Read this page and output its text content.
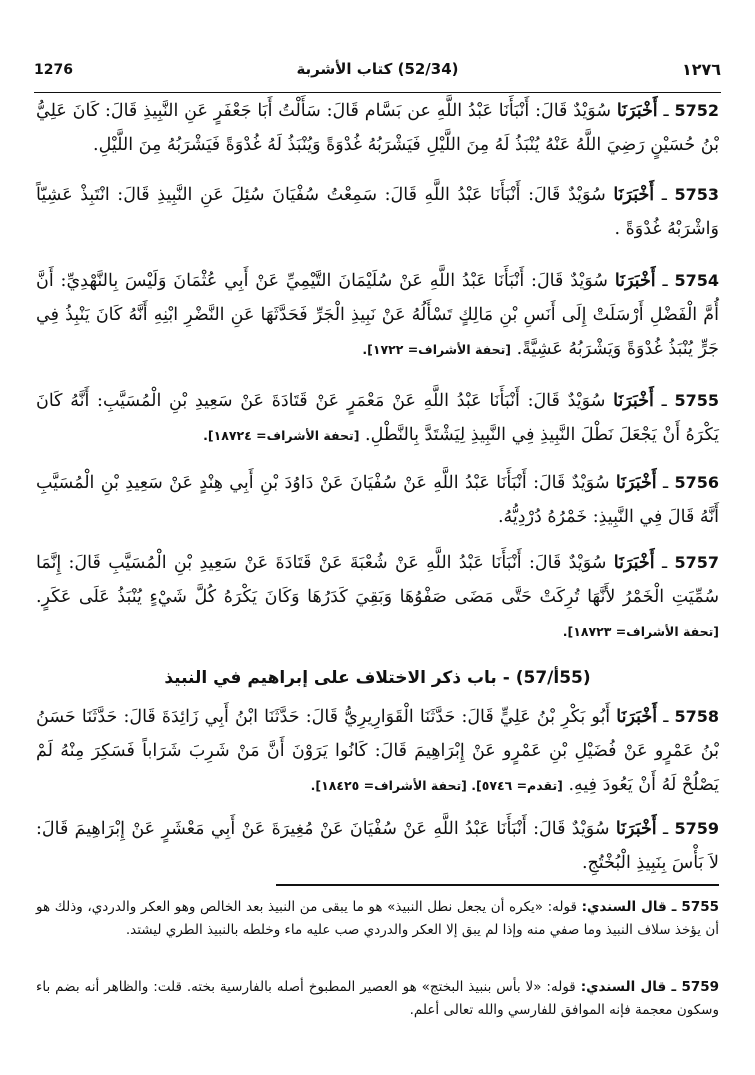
1276	(52/34) كتاب الأشربة	١٢٧٦

5752 ـ أَخْبَرَنَا سُوَيْدٌ قَالَ: أَنْبَأَنَا عَبْدُ اللَّهِ عن بَسَّام قَالَ: سَأَلْتُ أَبَا جَعْفَرٍ عَنِ النَّبِيذِ قَالَ: كَانَ عَلِيُّ بْنُ حُسَيْنٍ رَضِيَ اللَّهُ عَنْهُ يُنْبَذُ لَهُ مِنَ اللَّيْلِ فَيَشْرَبُهُ غُدْوَةً وَيُنْبَذُ لَهُ غُدْوَةً فَيَشْرَبُهُ مِنَ اللَّيْلِ.

5753 ـ أَخْبَرَنَا سُوَيْدٌ قَالَ: أَنْبَأَنَا عَبْدُ اللَّهِ قَالَ: سَمِعْتُ سُفْيَانَ سُئِلَ عَنِ النَّبِيذِ قَالَ: انْتَبِذْ عَشِيّاً وَاشْرَبْهُ غُدْوَةً .

5754 ـ أَخْبَرَنَا سُوَيْدٌ قَالَ: أَنْبَأَنَا عَبْدُ اللَّهِ عَنْ سُلَيْمَانَ التَّيْمِيِّ عَنْ أَبِي عُثْمَانَ وَلَيْسَ بِالنَّهْدِيِّ: أَنَّ أُمَّ الْفَضْلِ أَرْسَلَتْ إِلَى أَنَسِ بْنِ مَالِكٍ تَسْأَلُهُ عَنْ نَبِيذِ الْجَرِّ فَحَدَّثَهَا عَنِ النَّضْرِ ابْنِهِ أَنَّهُ كَانَ يَنْبِذُ فِي جَرٍّ يُنْبَذُ غُدْوَةً وَيَشْرَبُهُ عَشِيَّةً. [تحفة الأشراف= ١٧٢٢].

5755 ـ أَخْبَرَنَا سُوَيْدٌ قَالَ: أَنْبَأَنَا عَبْدُ اللَّهِ عَنْ مَعْمَرٍ عَنْ قَتَادَةَ عَنْ سَعِيدِ بْنِ الْمُسَيَّبِ: أَنَّهُ كَانَ يَكْرَهُ أَنْ يَجْعَلَ نَطْلَ النَّبِيذِ فِي النَّبِيذِ لِيَشْتَدَّ بِالنَّطْلِ. [تحفة الأشراف= ١٨٧٢٤].

5756 ـ أَخْبَرَنَا سُوَيْدٌ قَالَ: أَنْبَأَنَا عَبْدُ اللَّهِ عَنْ سُفْيَانَ عَنْ دَاوُدَ بْنِ أَبِي هِنْدٍ عَنْ سَعِيدِ بْنِ الْمُسَيَّبِ أَنَّهُ قَالَ فِي النَّبِيذِ: خَمْرُهُ دُرْدِيُّهُ.

5757 ـ أَخْبَرَنَا سُوَيْدٌ قَالَ: أَنْبَأَنَا عَبْدُ اللَّهِ عَنْ شُعْبَةَ عَنْ قَتَادَةَ عَنْ سَعِيدِ بْنِ الْمُسَيَّبِ قَالَ: إِنَّمَا سُمِّيَتِ الْخَمْرُ لأَنَّهَا تُرِكَتْ حَتَّى مَضَى صَفْوُهَا وَبَقِيَ كَدَرُهَا وَكَانَ يَكْرَهُ كُلَّ شَيْءٍ يُنْبَذُ عَلَى عَكَرٍ. [تحفة الأشراف= ١٨٧٢٣].

(55أ/57) - باب ذكر الاختلاف على إبراهيم في النبيذ

5758 ـ أَخْبَرَنَا أَبُو بَكْرِ بْنُ عَلِيٍّ قَالَ: حَدَّثَنَا الْقَوَارِيرِيُّ قَالَ: حَدَّثَنَا ابْنُ أَبِي زَائِدَةَ قَالَ: حَدَّثَنَا حَسَنُ بْنُ عَمْرٍو عَنْ فُضَيْلِ بْنِ عَمْرٍو عَنْ إِبْرَاهِيمَ قَالَ: كَانُوا يَرَوْنَ أَنَّ مَنْ شَرِبَ شَرَاباً فَسَكِرَ مِنْهُ لَمْ يَصْلُحْ لَهُ أَنْ يَعُودَ فِيهِ. [تقدم= ٥٧٤٦]. [تحفة الأشراف= ١٨٤٢٥].

5759 ـ أَخْبَرَنَا سُوَيْدٌ قَالَ: أَنْبَأَنَا عَبْدُ اللَّهِ عَنْ سُفْيَانَ عَنْ مُغِيرَةَ عَنْ أَبِي مَعْشَرٍ عَنْ إِبْرَاهِيمَ قَالَ: لاَ بَأْسَ بِنَبِيذِ الْبُخْتُجِ.

5755 ـ قال السندي: قوله: «يكره أن يجعل نطل النبيذ» هو ما يبقى من النبيذ بعد الخالص وهو العكر والدردي، وذلك هو أن يؤخذ سلاف النبيذ وما صفي منه وإذا لم يبق إلا العكر والدردي صب عليه ماء وخلطه بالنبيذ الطري ليشتد.

5759 ـ قال السندي: قوله: «لا بأس بنبيذ البختج» هو العصير المطبوخ أصله بالفارسية بخته. قلت: والظاهر أنه بضم باء وسكون معجمة فإنه الموافق للفارسي والله تعالى أعلم.
